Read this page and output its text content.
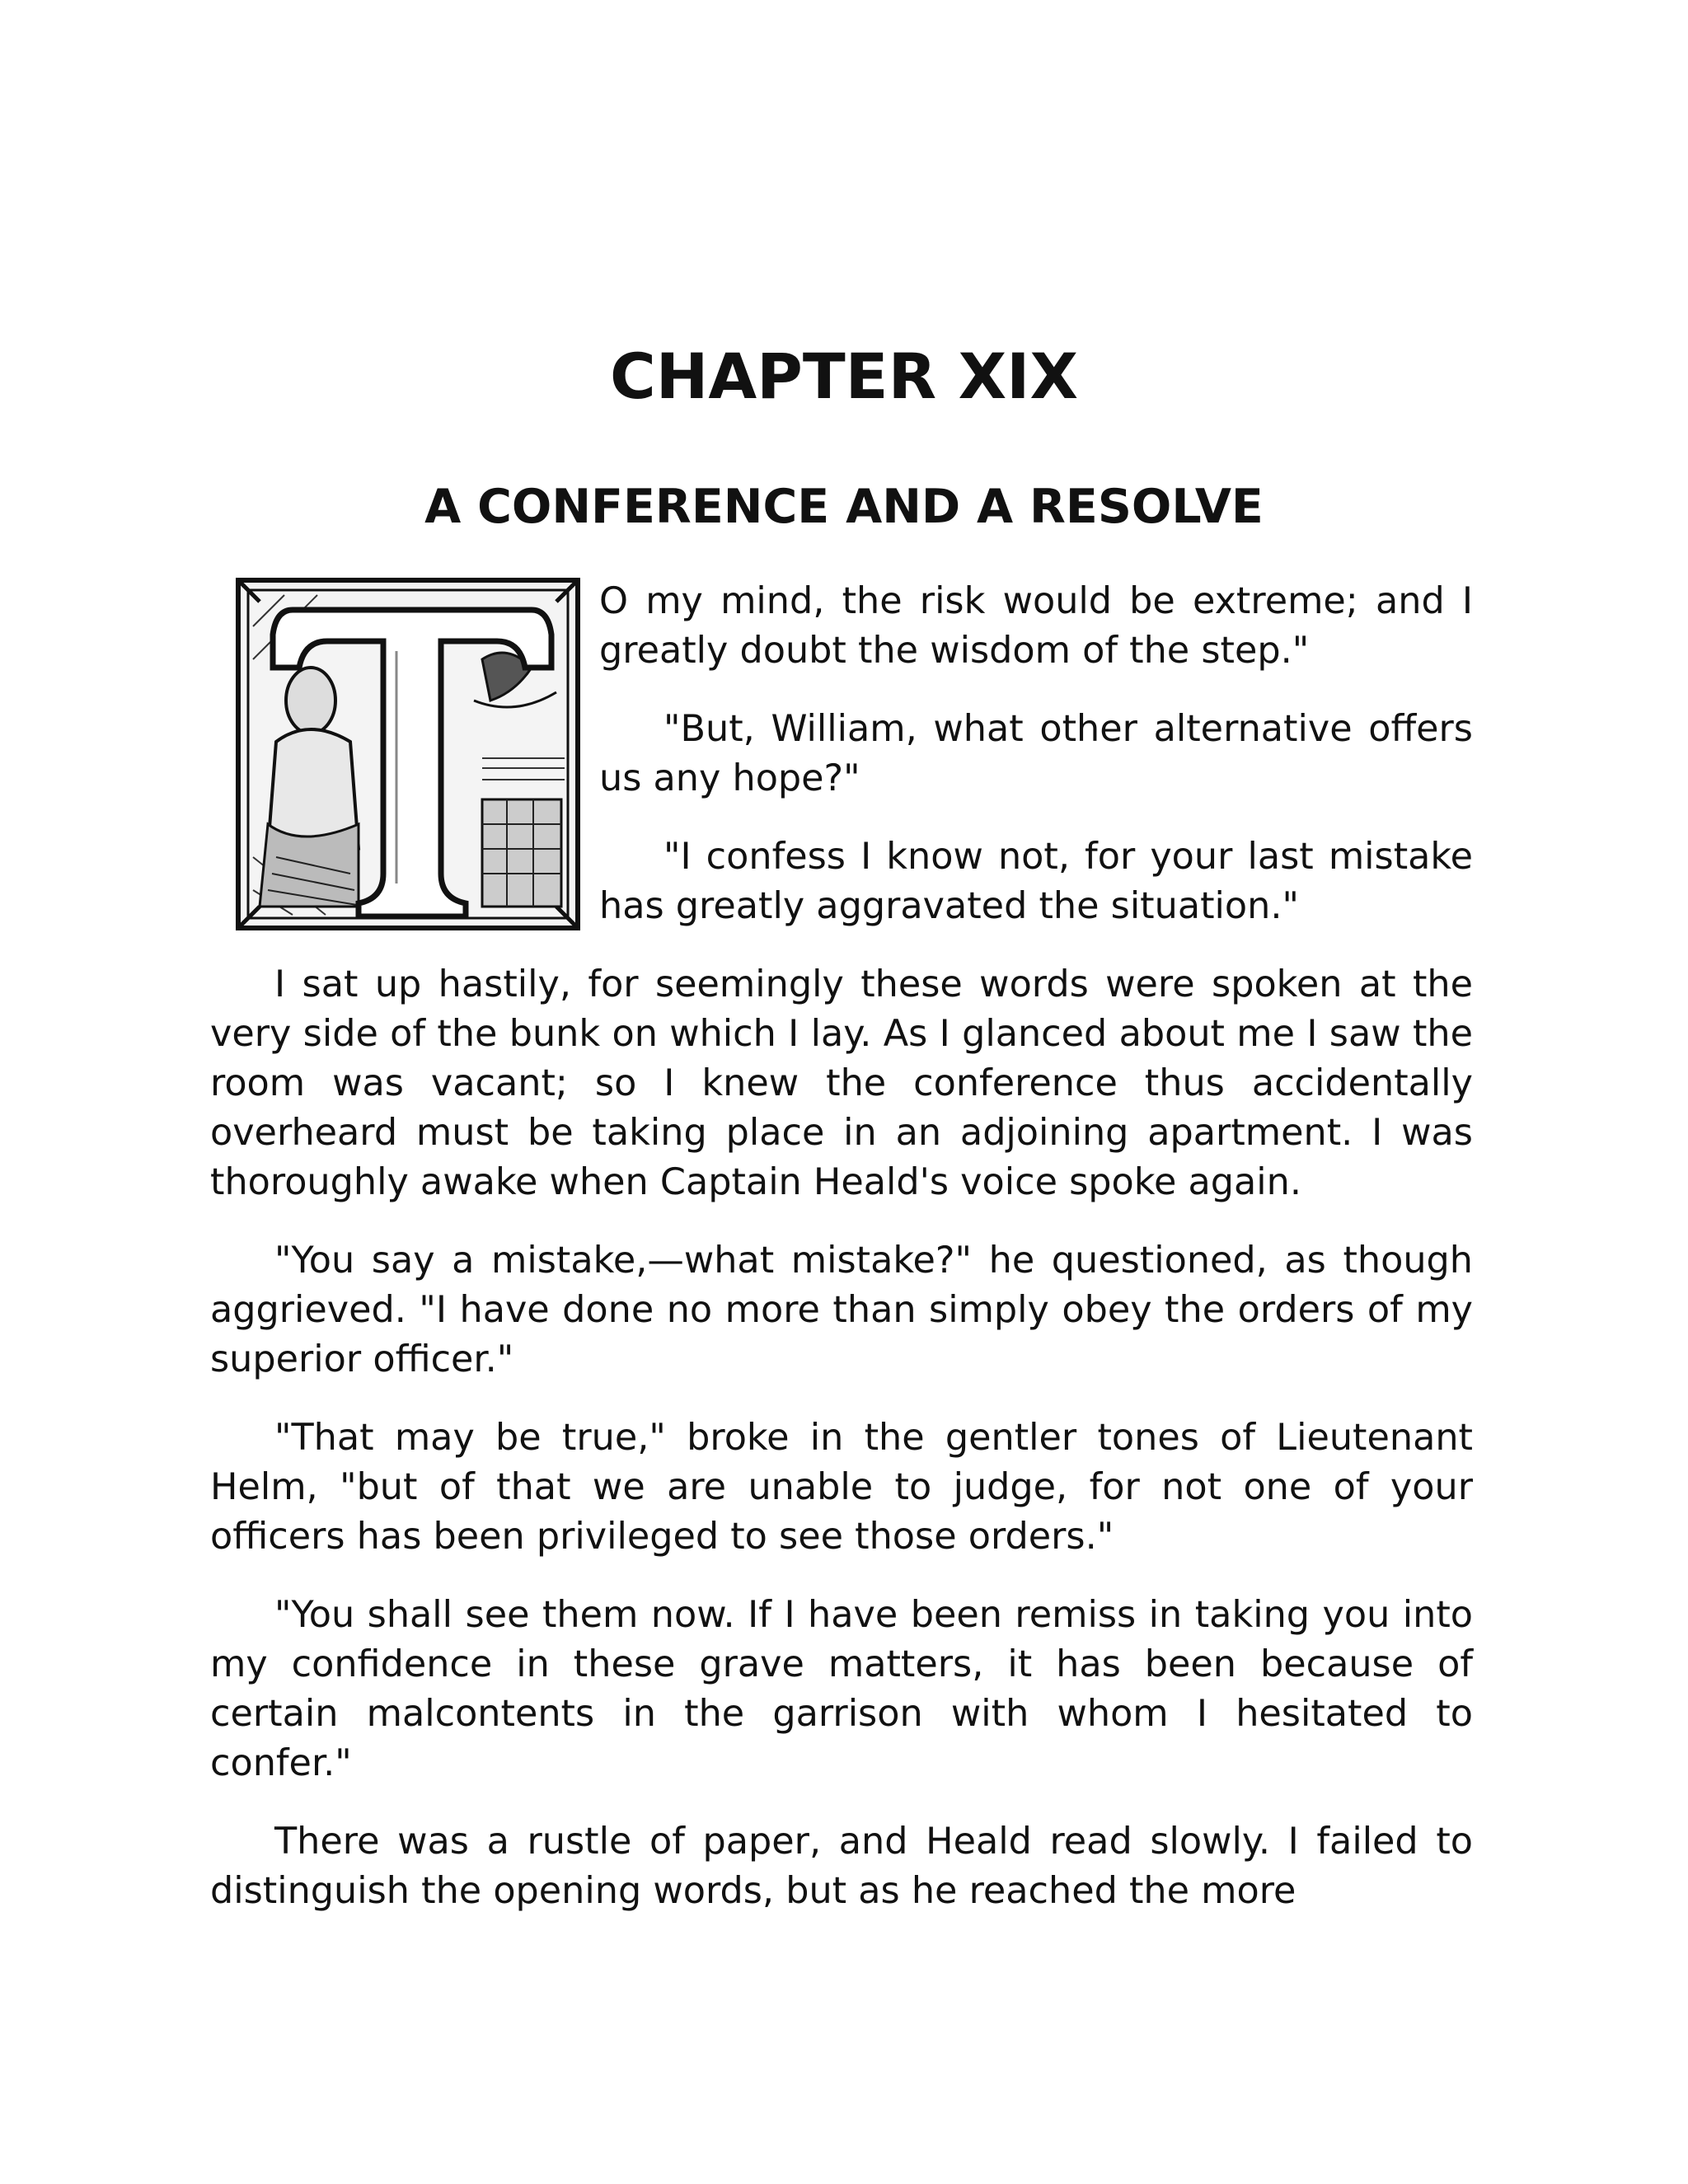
CHAPTER XIX
A CONFERENCE AND A RESOLVE

O my mind, the risk would be extreme; and I greatly doubt the wisdom of the step."

"But, William, what other alternative offers us any hope?"

"I confess I know not, for your last mistake has greatly aggravated the situation."

I sat up hastily, for seemingly these words were spoken at the very side of the bunk on which I lay. As I glanced about me I saw the room was vacant; so I knew the conference thus accidentally overheard must be taking place in an adjoining apartment. I was thoroughly awake when Captain Heald's voice spoke again.

"You say a mistake,—what mistake?" he questioned, as though aggrieved. "I have done no more than simply obey the orders of my superior officer."

"That may be true," broke in the gentler tones of Lieutenant Helm, "but of that we are unable to judge, for not one of your officers has been privileged to see those orders."

"You shall see them now. If I have been remiss in taking you into my confidence in these grave matters, it has been because of certain malcontents in the garrison with whom I hesitated to confer."

There was a rustle of paper, and Heald read slowly. I failed to distinguish the opening words, but as he reached the more
